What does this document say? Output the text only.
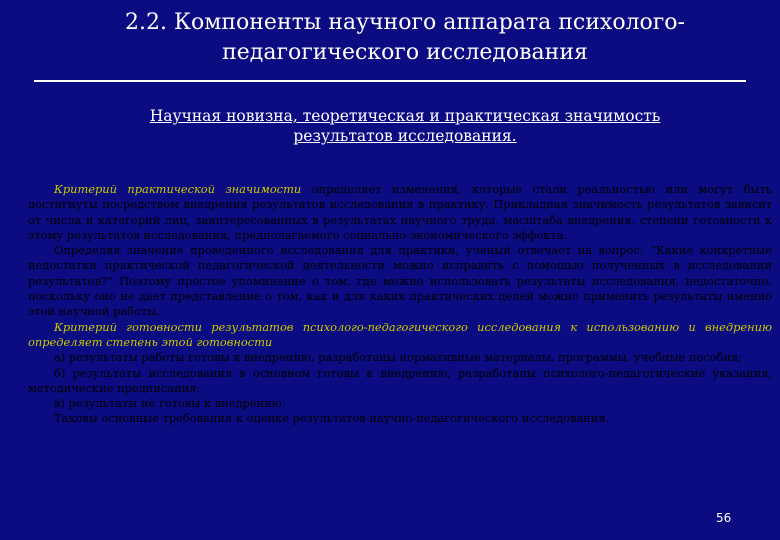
2.2. Компоненты научного аппарата психолого-
педагогического исследования
Научная новизна, теоретическая и практическая значимость
результатов исследования.

Критерий практической значимости определяет изменения, которые стали реальностью или могут быть достигнуты посредством внедрения результатов исследования в практику. Прикладная значимость результатов зависит от числа и категорий лиц, заинтересованных в результатах научного труда, масштаба внедрения, степени готовности к этому результатов исследования, предполагаемого социально-экономического эффекта.

Определяя значение проведенного исследования для практики, ученый отвечает на вопрос: “Какие конкретные недостатки практической педагогической деятельности можно исправить с помощью полученных в исследовании результатов?” Поэтому простое упоминание о том, где можно использовать результаты исследования, недостаточно, поскольку оно не дает представление о том, как и для каких практических целей можно применить результаты именно этой научной работы.

Критерий готовности результатов психолого-педагогического исследования к использованию и внедрению определяет степень этой готовности

а) результаты работы готовы к внедрению, разработаны нормативные материалы, программы, учебные пособия;

б) результаты исследования в основном готовы к внедрению, разработаны психолого-педагогические указания, методические предписания;

в) результаты не готовы к внедрению.

Таковы основные требования к оценке результатов научно-педагогического исследования.

56
